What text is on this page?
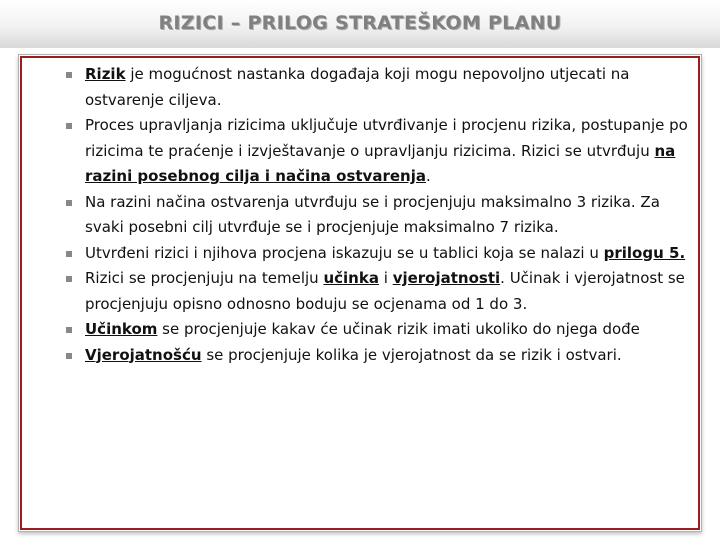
RIZICI – PRILOG STRATEŠKOM PLANU
Rizik je mogućnost nastanka događaja koji mogu nepovoljno utjecati na ostvarenje ciljeva.
Proces upravljanja rizicima uključuje utvrđivanje i procjenu rizika, postupanje po rizicima te praćenje i izvještavanje o upravljanju rizicima. Rizici se utvrđuju na razini posebnog cilja i načina ostvarenja.
Na razini načina ostvarenja utvrđuju se i procjenjuju maksimalno 3 rizika. Za svaki posebni cilj utvrđuje se i procjenjuje maksimalno 7 rizika.
Utvrđeni rizici i njihova procjena iskazuju se u tablici koja se nalazi u prilogu 5.
Rizici se procjenjuju na temelju učinka i vjerojatnosti. Učinak i vjerojatnost se procjenjuju opisno odnosno boduju se ocjenama od 1 do 3.
Učinkom se procjenjuje kakav će učinak rizik imati ukoliko do njega dođe
Vjerojatnošću se procjenjuje kolika je vjerojatnost da se rizik i ostvari.
